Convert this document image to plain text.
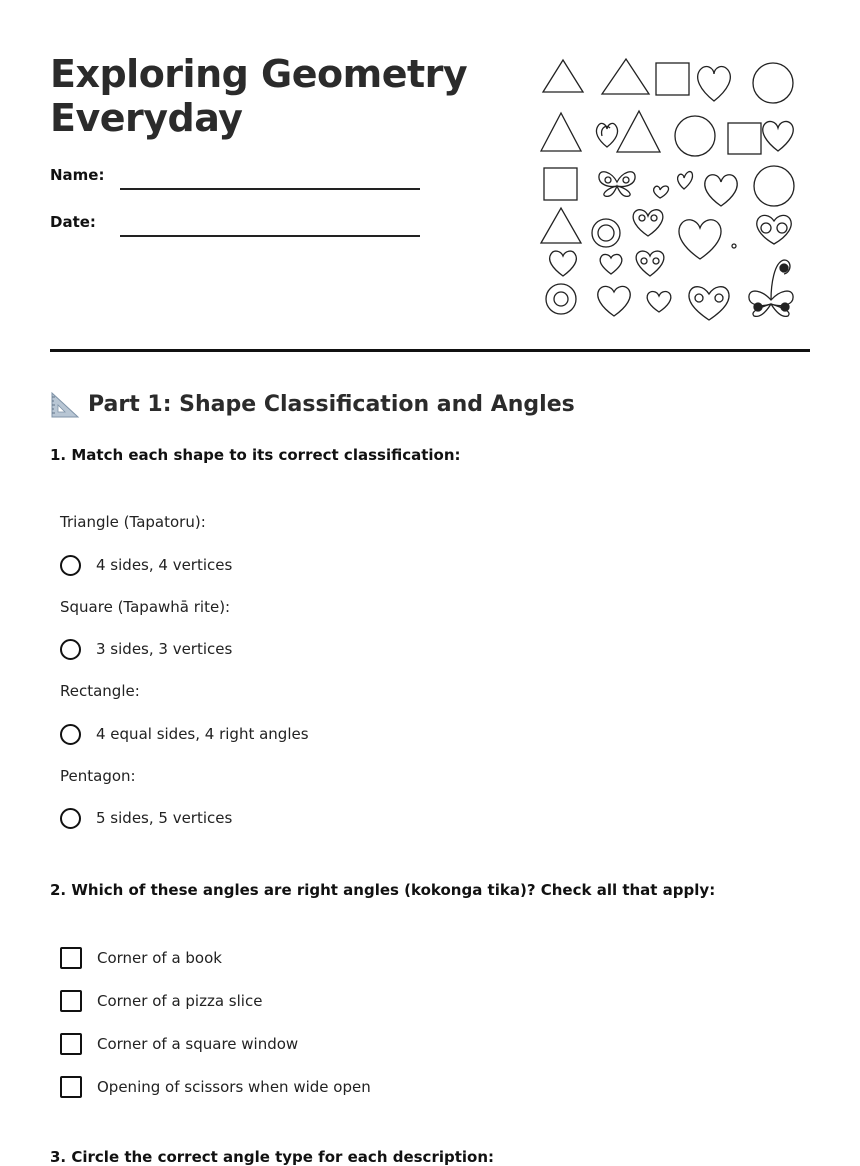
Exploring Geometry Everyday
Name:
Date:
Part 1: Shape Classification and Angles

1. Match each shape to its correct classification:

Triangle (Tapatoru):
4 sides, 4 vertices
Square (Tapawhā rite):
3 sides, 3 vertices
Rectangle:
4 equal sides, 4 right angles
Pentagon:
5 sides, 5 vertices

2. Which of these angles are right angles (kokonga tika)? Check all that apply:

Corner of a book
Corner of a pizza slice
Corner of a square window
Opening of scissors when wide open

3. Circle the correct angle type for each description:
